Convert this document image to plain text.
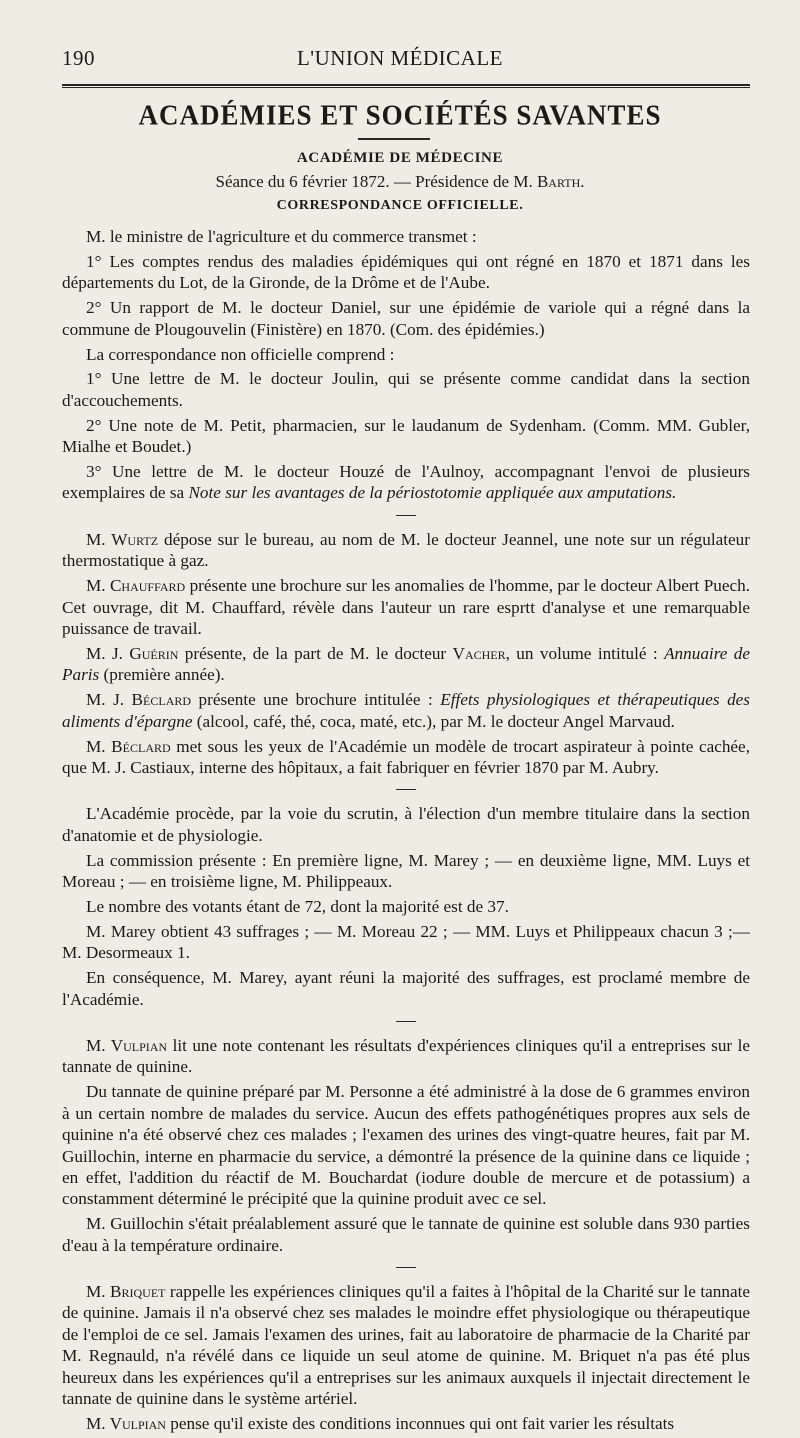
190	L'UNION MÉDICALE
ACADÉMIES ET SOCIÉTÉS SAVANTES
ACADÉMIE DE MÉDECINE
Séance du 6 février 1872. — Présidence de M. Barth.
CORRESPONDANCE OFFICIELLE.

M. le ministre de l'agriculture et du commerce transmet :

1° Les comptes rendus des maladies épidémiques qui ont régné en 1870 et 1871 dans les départements du Lot, de la Gironde, de la Drôme et de l'Aube.

2° Un rapport de M. le docteur Daniel, sur une épidémie de variole qui a régné dans la commune de Plougouvelin (Finistère) en 1870. (Com. des épidémies.)

La correspondance non officielle comprend :

1° Une lettre de M. le docteur Joulin, qui se présente comme candidat dans la section d'accouchements.

2° Une note de M. Petit, pharmacien, sur le laudanum de Sydenham. (Comm. MM. Gubler, Mialhe et Boudet.)

3° Une lettre de M. le docteur Houzé de l'Aulnoy, accompagnant l'envoi de plusieurs exemplaires de sa Note sur les avantages de la périostotomie appliquée aux amputations.

M. Wurtz dépose sur le bureau, au nom de M. le docteur Jeannel, une note sur un régulateur thermostatique à gaz.

M. Chauffard présente une brochure sur les anomalies de l'homme, par le docteur Albert Puech. Cet ouvrage, dit M. Chauffard, révèle dans l'auteur un rare esprtt d'analyse et une remarquable puissance de travail.

M. J. Guérin présente, de la part de M. le docteur Vacher, un volume intitulé : Annuaire de Paris (première année).

M. J. Béclard présente une brochure intitulée : Effets physiologiques et thérapeutiques des aliments d'épargne (alcool, café, thé, coca, maté, etc.), par M. le docteur Angel Marvaud.

M. Béclard met sous les yeux de l'Académie un modèle de trocart aspirateur à pointe cachée, que M. J. Castiaux, interne des hôpitaux, a fait fabriquer en février 1870 par M. Aubry.

L'Académie procède, par la voie du scrutin, à l'élection d'un membre titulaire dans la section d'anatomie et de physiologie.

La commission présente : En première ligne, M. Marey ; — en deuxième ligne, MM. Luys et Moreau ; — en troisième ligne, M. Philippeaux.

Le nombre des votants étant de 72, dont la majorité est de 37.

M. Marey obtient 43 suffrages ; — M. Moreau 22 ; — MM. Luys et Philippeaux chacun 3 ;— M. Desormeaux 1.

En conséquence, M. Marey, ayant réuni la majorité des suffrages, est proclamé membre de l'Académie.

M. Vulpian lit une note contenant les résultats d'expériences cliniques qu'il a entreprises sur le tannate de quinine.

Du tannate de quinine préparé par M. Personne a été administré à la dose de 6 grammes environ à un certain nombre de malades du service. Aucun des effets pathogénétiques propres aux sels de quinine n'a été observé chez ces malades ; l'examen des urines des vingt-quatre heures, fait par M. Guillochin, interne en pharmacie du service, a démontré la présence de la quinine dans ce liquide ; en effet, l'addition du réactif de M. Bouchardat (iodure double de mercure et de potassium) a constamment déterminé le précipité que la quinine produit avec ce sel.

M. Guillochin s'était préalablement assuré que le tannate de quinine est soluble dans 930 parties d'eau à la température ordinaire.

M. Briquet rappelle les expériences cliniques qu'il a faites à l'hôpital de la Charité sur le tannate de quinine. Jamais il n'a observé chez ses malades le moindre effet physiologique ou thérapeutique de l'emploi de ce sel. Jamais l'examen des urines, fait au laboratoire de pharmacie de la Charité par M. Regnauld, n'a révélé dans ce liquide un seul atome de quinine. M. Briquet n'a pas été plus heureux dans les expériences qu'il a entreprises sur les animaux auxquels il injectait directement le tannate de quinine dans le système artériel.

M. Vulpian pense qu'il existe des conditions inconnues qui ont fait varier les résultats
